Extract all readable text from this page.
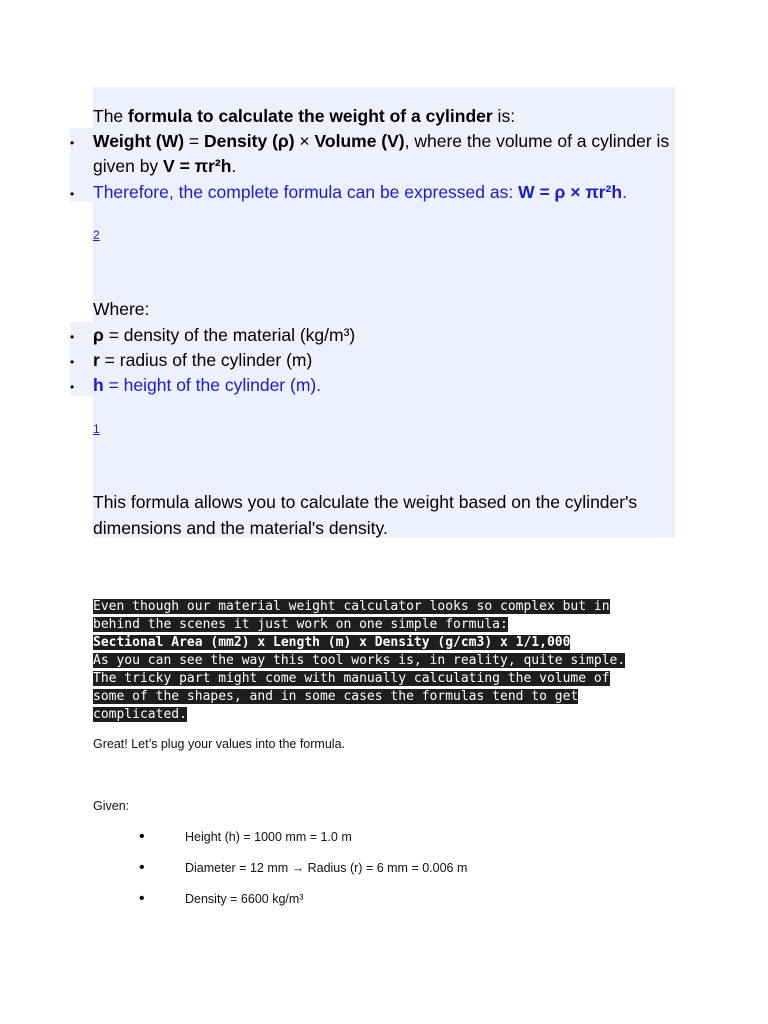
The formula to calculate the weight of a cylinder is:
• Weight (W) = Density (ρ) × Volume (V), where the volume of a cylinder is
given by V = πr²h.
• Therefore, the complete formula can be expressed as: W = ρ × πr²h.
2
Where:
• ρ = density of the material (kg/m³)
• r = radius of the cylinder (m)
• h = height of the cylinder (m).
1
This formula allows you to calculate the weight based on the cylinder's
dimensions and the material's density.
Even though our material weight calculator looks so complex but in
behind the scenes it just work on one simple formula:
Sectional Area (mm2) x Length (m) x Density (g/cm3) x 1/1,000
As you can see the way this tool works is, in reality, quite simple.
The tricky part might come with manually calculating the volume of
some of the shapes, and in some cases the formulas tend to get
complicated.
Great! Let’s plug your values into the formula.
Given:
•	Height (h) = 1000 mm = 1.0 m
•	Diameter = 12 mm → Radius (r) = 6 mm = 0.006 m
•	Density = 6600 kg/m³
